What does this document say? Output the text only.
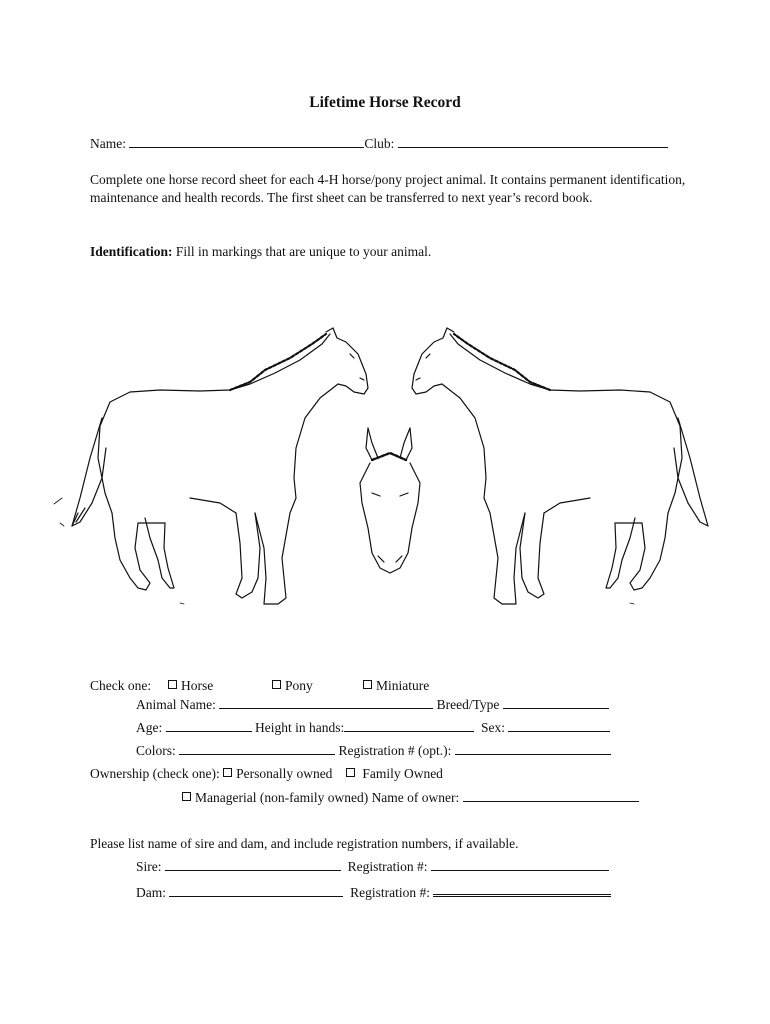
Lifetime Horse Record
Name:	Club:
Complete one horse record sheet for each 4-H horse/pony project animal. It contains permanent identification, maintenance and health records. The first sheet can be transferred to next year’s record book.
Identification: Fill in markings that are unique to your animal.
Check one:	Horse	Pony	Miniature
Animal Name:	Breed/Type
Age:	Height in hands:	Sex:
Colors:	Registration # (opt.):
Ownership (check one): Personally owned Family Owned
Managerial (non-family owned) Name of owner:
Please list name of sire and dam, and include registration numbers, if available.
Sire:	Registration #:
Dam:	Registration #:
